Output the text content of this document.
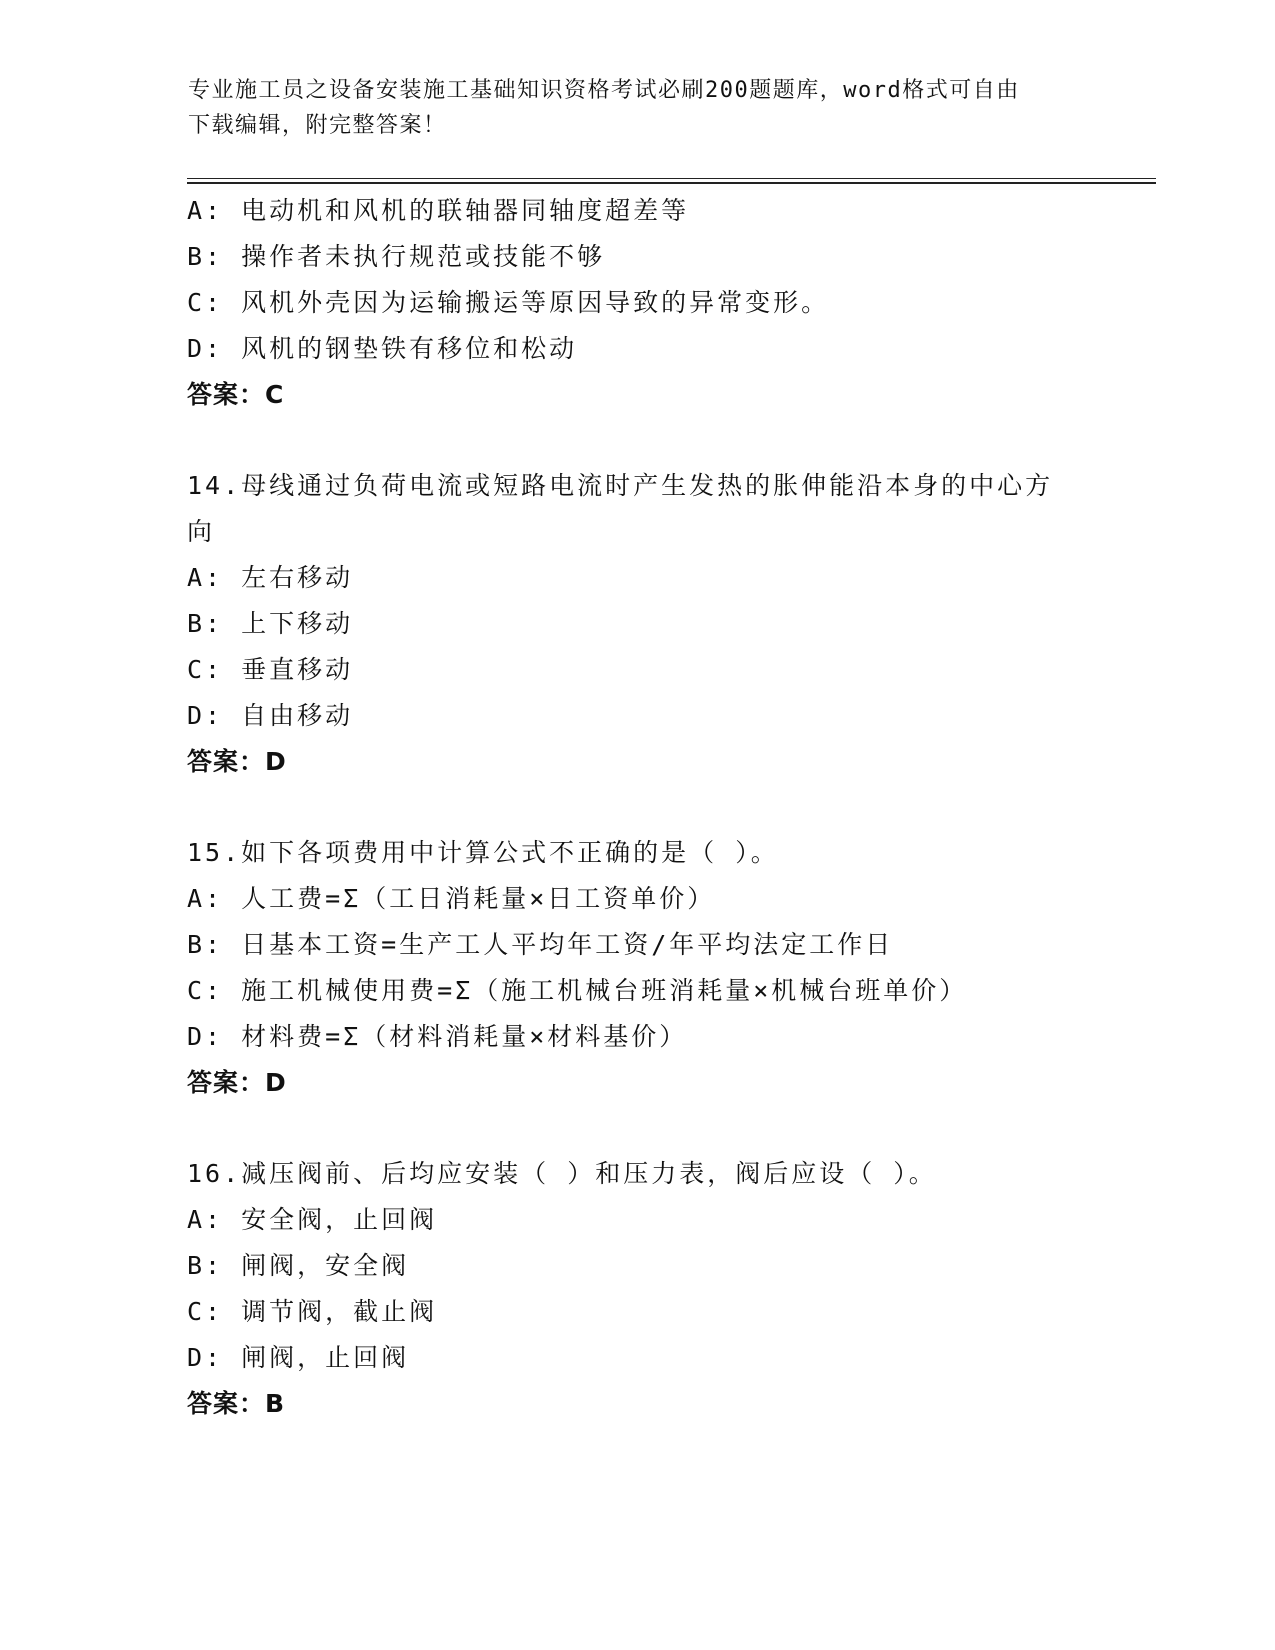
专业施工员之设备安装施工基础知识资格考试必刷200题题库，word格式可自由
下载编辑，附完整答案！
A: 电动机和风机的联轴器同轴度超差等
B: 操作者未执行规范或技能不够
C: 风机外壳因为运输搬运等原因导致的异常变形。
D: 风机的钢垫铁有移位和松动
答案：C
14.母线通过负荷电流或短路电流时产生发热的胀伸能沿本身的中心方
向
A: 左右移动
B: 上下移动
C: 垂直移动
D: 自由移动
答案：D
15.如下各项费用中计算公式不正确的是（ ）。
A: 人工费=Σ（工日消耗量×日工资单价）
B: 日基本工资=生产工人平均年工资/年平均法定工作日
C: 施工机械使用费=Σ（施工机械台班消耗量×机械台班单价）
D: 材料费=Σ（材料消耗量×材料基价）
答案：D
16.减压阀前、后均应安装（ ）和压力表，阀后应设（ ）。
A: 安全阀，止回阀
B: 闸阀，安全阀
C: 调节阀，截止阀
D: 闸阀，止回阀
答案：B
